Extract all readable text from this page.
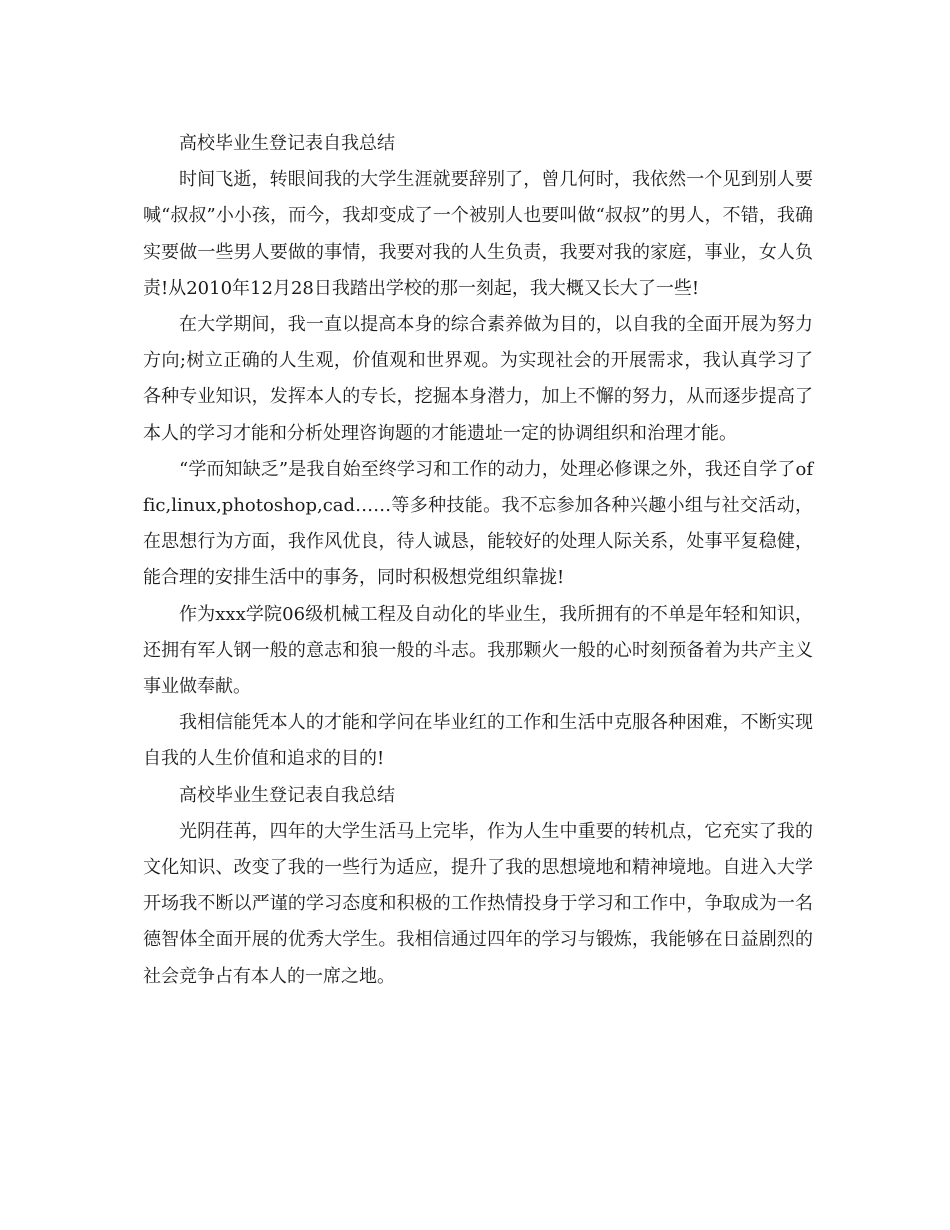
高校毕业生登记表自我总结

时间飞逝，转眼间我的大学生涯就要辞别了，曾几何时，我依然一个见到别人要喊“叔叔”小小孩，而今，我却变成了一个被别人也要叫做“叔叔”的男人，不错，我确实要做一些男人要做的事情，我要对我的人生负责，我要对我的家庭，事业，女人负责!从2010年12月28日我踏出学校的那一刻起，我大概又长大了一些!

在大学期间，我一直以提高本身的综合素养做为目的，以自我的全面开展为努力方向;树立正确的人生观，价值观和世界观。为实现社会的开展需求，我认真学习了各种专业知识，发挥本人的专长，挖掘本身潜力，加上不懈的努力，从而逐步提高了本人的学习才能和分析处理咨询题的才能遗址一定的协调组织和治理才能。

“学而知缺乏”是我自始至终学习和工作的动力，处理必修课之外，我还自学了offic,linux,photoshop,cad……等多种技能。我不忘参加各种兴趣小组与社交活动，在思想行为方面，我作风优良，待人诚恳，能较好的处理人际关系，处事平复稳健，能合理的安排生活中的事务，同时积极想党组织靠拢!

作为xxx学院06级机械工程及自动化的毕业生，我所拥有的不单是年轻和知识，还拥有军人钢一般的意志和狼一般的斗志。我那颗火一般的心时刻预备着为共产主义事业做奉献。

我相信能凭本人的才能和学问在毕业红的工作和生活中克服各种困难，不断实现自我的人生价值和追求的目的!

高校毕业生登记表自我总结

光阴荏苒，四年的大学生活马上完毕，作为人生中重要的转机点，它充实了我的文化知识、改变了我的一些行为适应，提升了我的思想境地和精神境地。自进入大学开场我不断以严谨的学习态度和积极的工作热情投身于学习和工作中，争取成为一名德智体全面开展的优秀大学生。我相信通过四年的学习与锻炼，我能够在日益剧烈的社会竞争占有本人的一席之地。
